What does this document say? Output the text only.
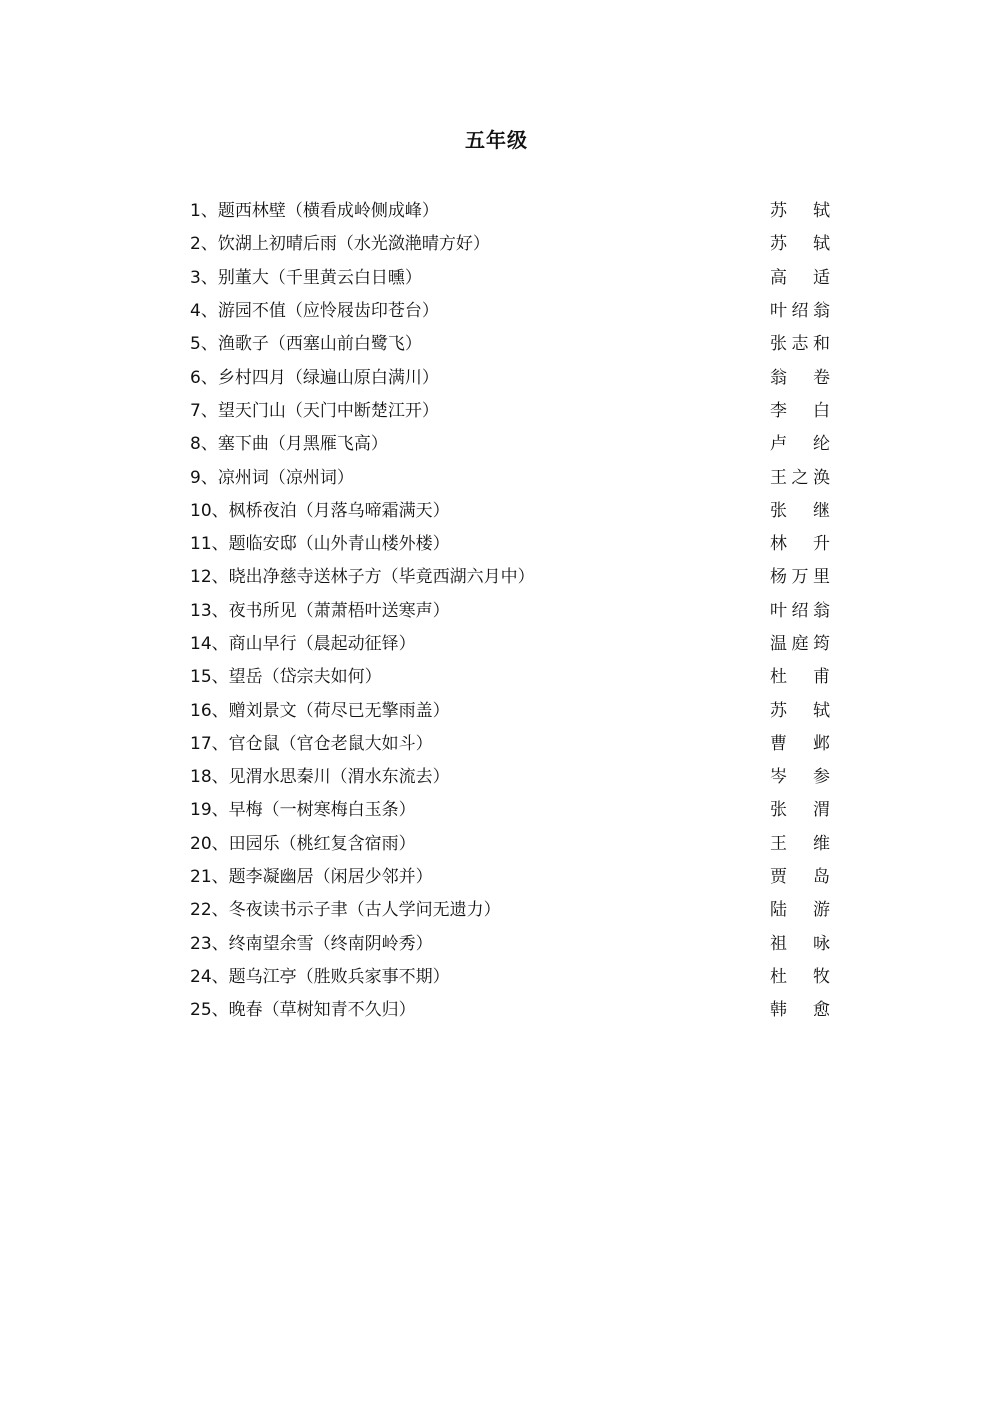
五年级
1、题西林壁（横看成岭侧成峰）	苏　轼
2、饮湖上初晴后雨（水光潋滟晴方好）	苏　轼
3、别董大（千里黄云白日曛）	高　适
4、游园不值（应怜屐齿印苍台）	叶绍翁
5、渔歌子（西塞山前白鹭飞）	张志和
6、乡村四月（绿遍山原白满川）	翁　卷
7、望天门山（天门中断楚江开）	李　白
8、塞下曲（月黑雁飞高）	卢　纶
9、凉州词（凉州词）	王之涣
10、枫桥夜泊（月落乌啼霜满天）	张　继
11、题临安邸（山外青山楼外楼）	林　升
12、晓出净慈寺送林子方（毕竟西湖六月中）	杨万里
13、夜书所见（萧萧梧叶送寒声）	叶绍翁
14、商山早行（晨起动征铎）	温庭筠
15、望岳（岱宗夫如何）	杜　甫
16、赠刘景文（荷尽已无擎雨盖）	苏　轼
17、官仓鼠（官仓老鼠大如斗）	曹　邺
18、见渭水思秦川（渭水东流去）	岑　参
19、早梅（一树寒梅白玉条）	张　渭
20、田园乐（桃红复含宿雨）	王　维
21、题李凝幽居（闲居少邻并）	贾　岛
22、冬夜读书示子聿（古人学问无遗力）	陆　游
23、终南望余雪（终南阴岭秀）	祖　咏
24、题乌江亭（胜败兵家事不期）	杜　牧
25、晚春（草树知青不久归）	韩　愈
